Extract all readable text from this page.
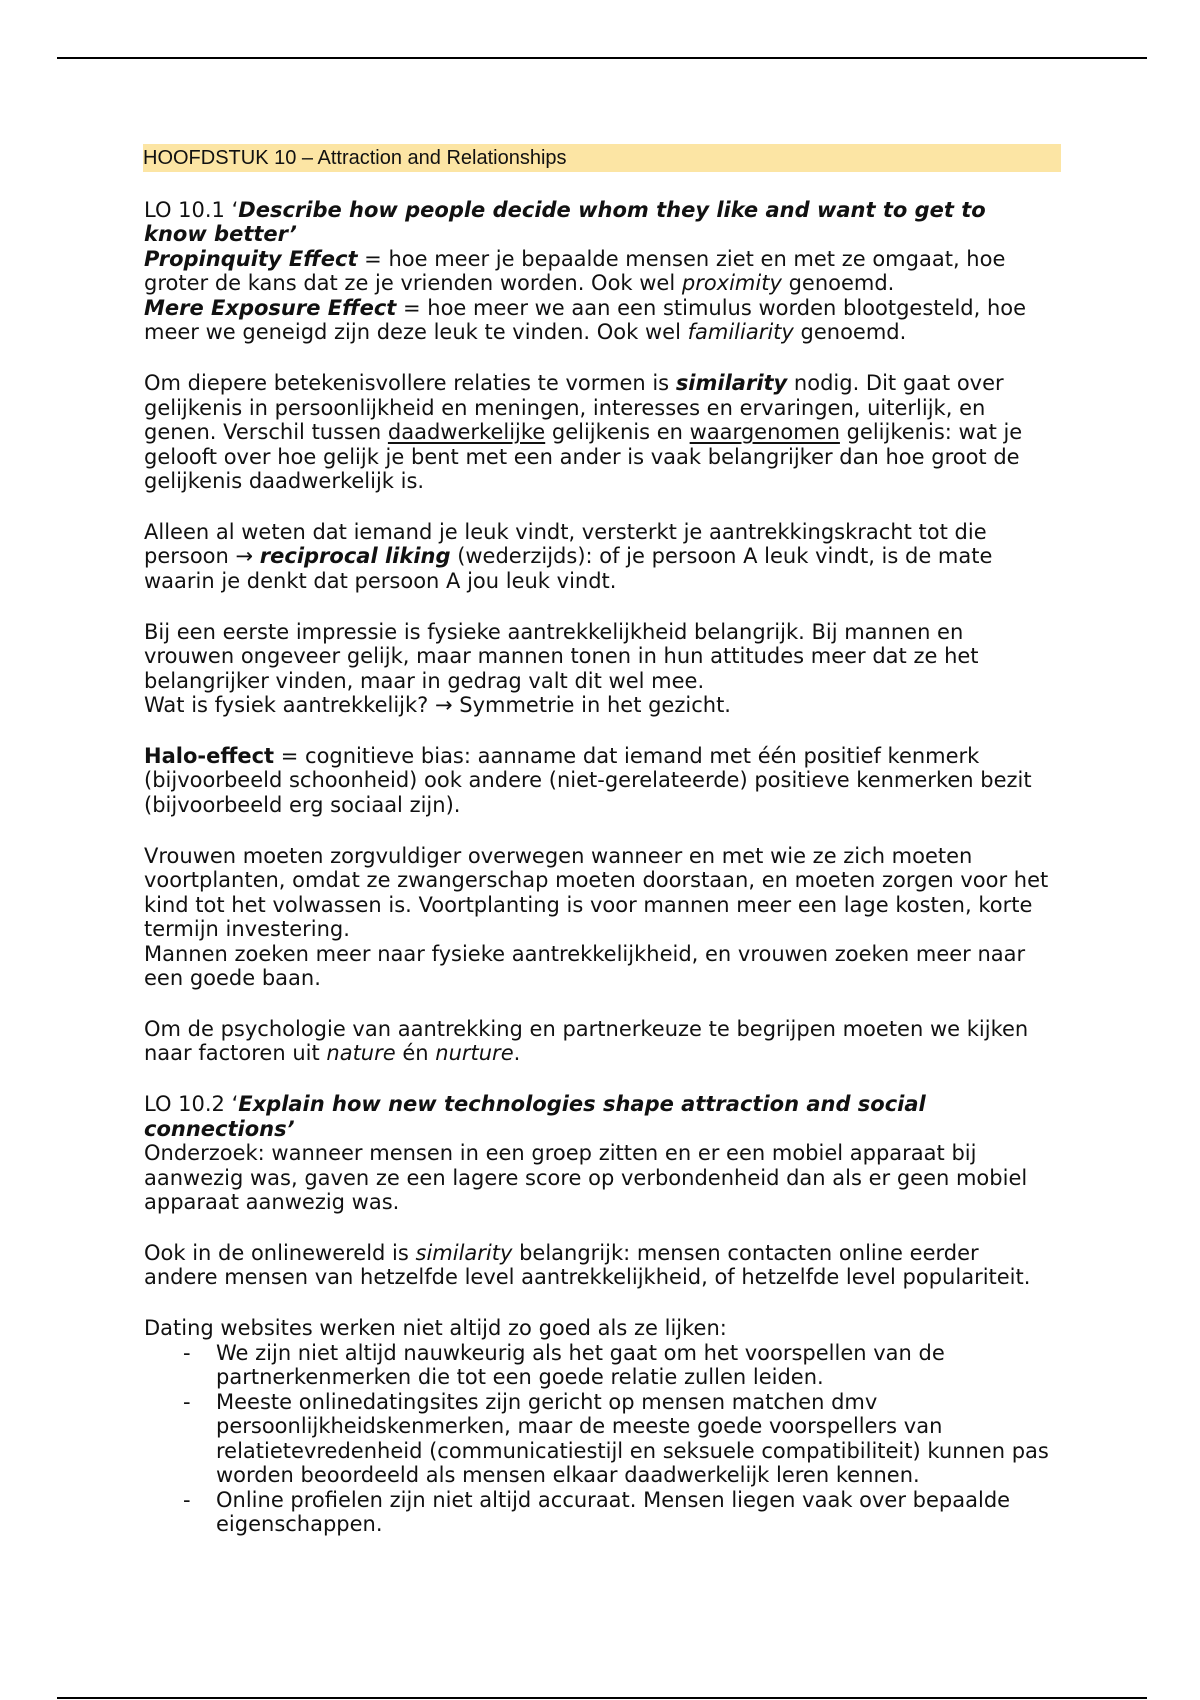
HOOFDSTUK 10 – Attraction and Relationships
LO 10.1 ‘Describe how people decide whom they like and want to get to
know better’
Propinquity Effect = hoe meer je bepaalde mensen ziet en met ze omgaat, hoe
groter de kans dat ze je vrienden worden. Ook wel proximity genoemd.
Mere Exposure Effect = hoe meer we aan een stimulus worden blootgesteld, hoe
meer we geneigd zijn deze leuk te vinden. Ook wel familiarity genoemd.
Om diepere betekenisvollere relaties te vormen is similarity nodig. Dit gaat over
gelijkenis in persoonlijkheid en meningen, interesses en ervaringen, uiterlijk, en
genen. Verschil tussen daadwerkelijke gelijkenis en waargenomen gelijkenis: wat je
gelooft over hoe gelijk je bent met een ander is vaak belangrijker dan hoe groot de
gelijkenis daadwerkelijk is.
Alleen al weten dat iemand je leuk vindt, versterkt je aantrekkingskracht tot die
persoon → reciprocal liking (wederzijds): of je persoon A leuk vindt, is de mate
waarin je denkt dat persoon A jou leuk vindt.
Bij een eerste impressie is fysieke aantrekkelijkheid belangrijk. Bij mannen en
vrouwen ongeveer gelijk, maar mannen tonen in hun attitudes meer dat ze het
belangrijker vinden, maar in gedrag valt dit wel mee.
Wat is fysiek aantrekkelijk? → Symmetrie in het gezicht.
Halo-effect = cognitieve bias: aanname dat iemand met één positief kenmerk
(bijvoorbeeld schoonheid) ook andere (niet-gerelateerde) positieve kenmerken bezit
(bijvoorbeeld erg sociaal zijn).
Vrouwen moeten zorgvuldiger overwegen wanneer en met wie ze zich moeten
voortplanten, omdat ze zwangerschap moeten doorstaan, en moeten zorgen voor het
kind tot het volwassen is. Voortplanting is voor mannen meer een lage kosten, korte
termijn investering.
Mannen zoeken meer naar fysieke aantrekkelijkheid, en vrouwen zoeken meer naar
een goede baan.
Om de psychologie van aantrekking en partnerkeuze te begrijpen moeten we kijken
naar factoren uit nature én nurture.
LO 10.2 ‘Explain how new technologies shape attraction and social
connections’
Onderzoek: wanneer mensen in een groep zitten en er een mobiel apparaat bij
aanwezig was, gaven ze een lagere score op verbondenheid dan als er geen mobiel
apparaat aanwezig was.
Ook in de onlinewereld is similarity belangrijk: mensen contacten online eerder
andere mensen van hetzelfde level aantrekkelijkheid, of hetzelfde level populariteit.
Dating websites werken niet altijd zo goed als ze lijken:
- We zijn niet altijd nauwkeurig als het gaat om het voorspellen van de
partnerkenmerken die tot een goede relatie zullen leiden.
- Meeste onlinedatingsites zijn gericht op mensen matchen dmv
persoonlijkheidskenmerken, maar de meeste goede voorspellers van
relatietevredenheid (communicatiestijl en seksuele compatibiliteit) kunnen pas
worden beoordeeld als mensen elkaar daadwerkelijk leren kennen.
- Online profielen zijn niet altijd accuraat. Mensen liegen vaak over bepaalde
eigenschappen.
